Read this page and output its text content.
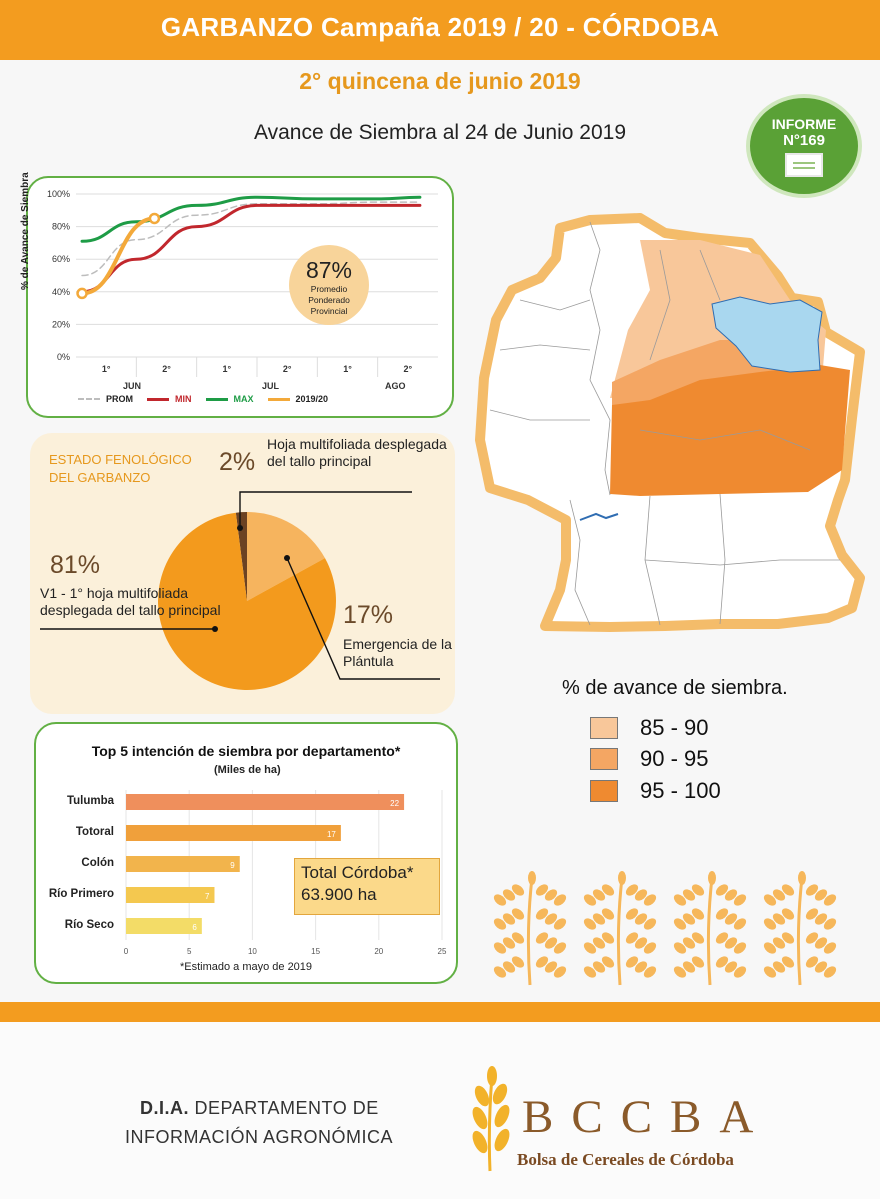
GARBANZO Campaña 2019 / 20 - CÓRDOBA
2° quincena de junio 2019
Avance de Siembra al 24 de Junio 2019	INFORME
N°169
0%
20%
40%
60%
80%
100%
1°	2°	1°	2°	1°	2°
% de Avance de Siembra
JUN	JUL	AGO
PROM	MIN	MAX	2019/20
87%
Promedio
Ponderado
Provincial
ESTADO FENOLÓGICO DEL GARBANZO
2%
Hoja multifoliada desplegada del tallo principal
17%
Emergencia de la Plántula
81%
V1 - 1° hoja multifoliada desplegada del tallo principal
Top 5 intención de siembra por departamento*
(Miles de ha)
0	5	10	15	20	25
22
17
9
7
6
Tulumba
Totoral
Colón
Río Primero
Río Seco
*Estimado a mayo de 2019
Total Córdoba*
63.900 ha
% de avance de siembra.
85 - 90
90 - 95
95 - 100
D.I.A. DEPARTAMENTO DE
INFORMACIÓN AGRONÓMICA	BCCBA
Bolsa de Cereales de Córdoba
